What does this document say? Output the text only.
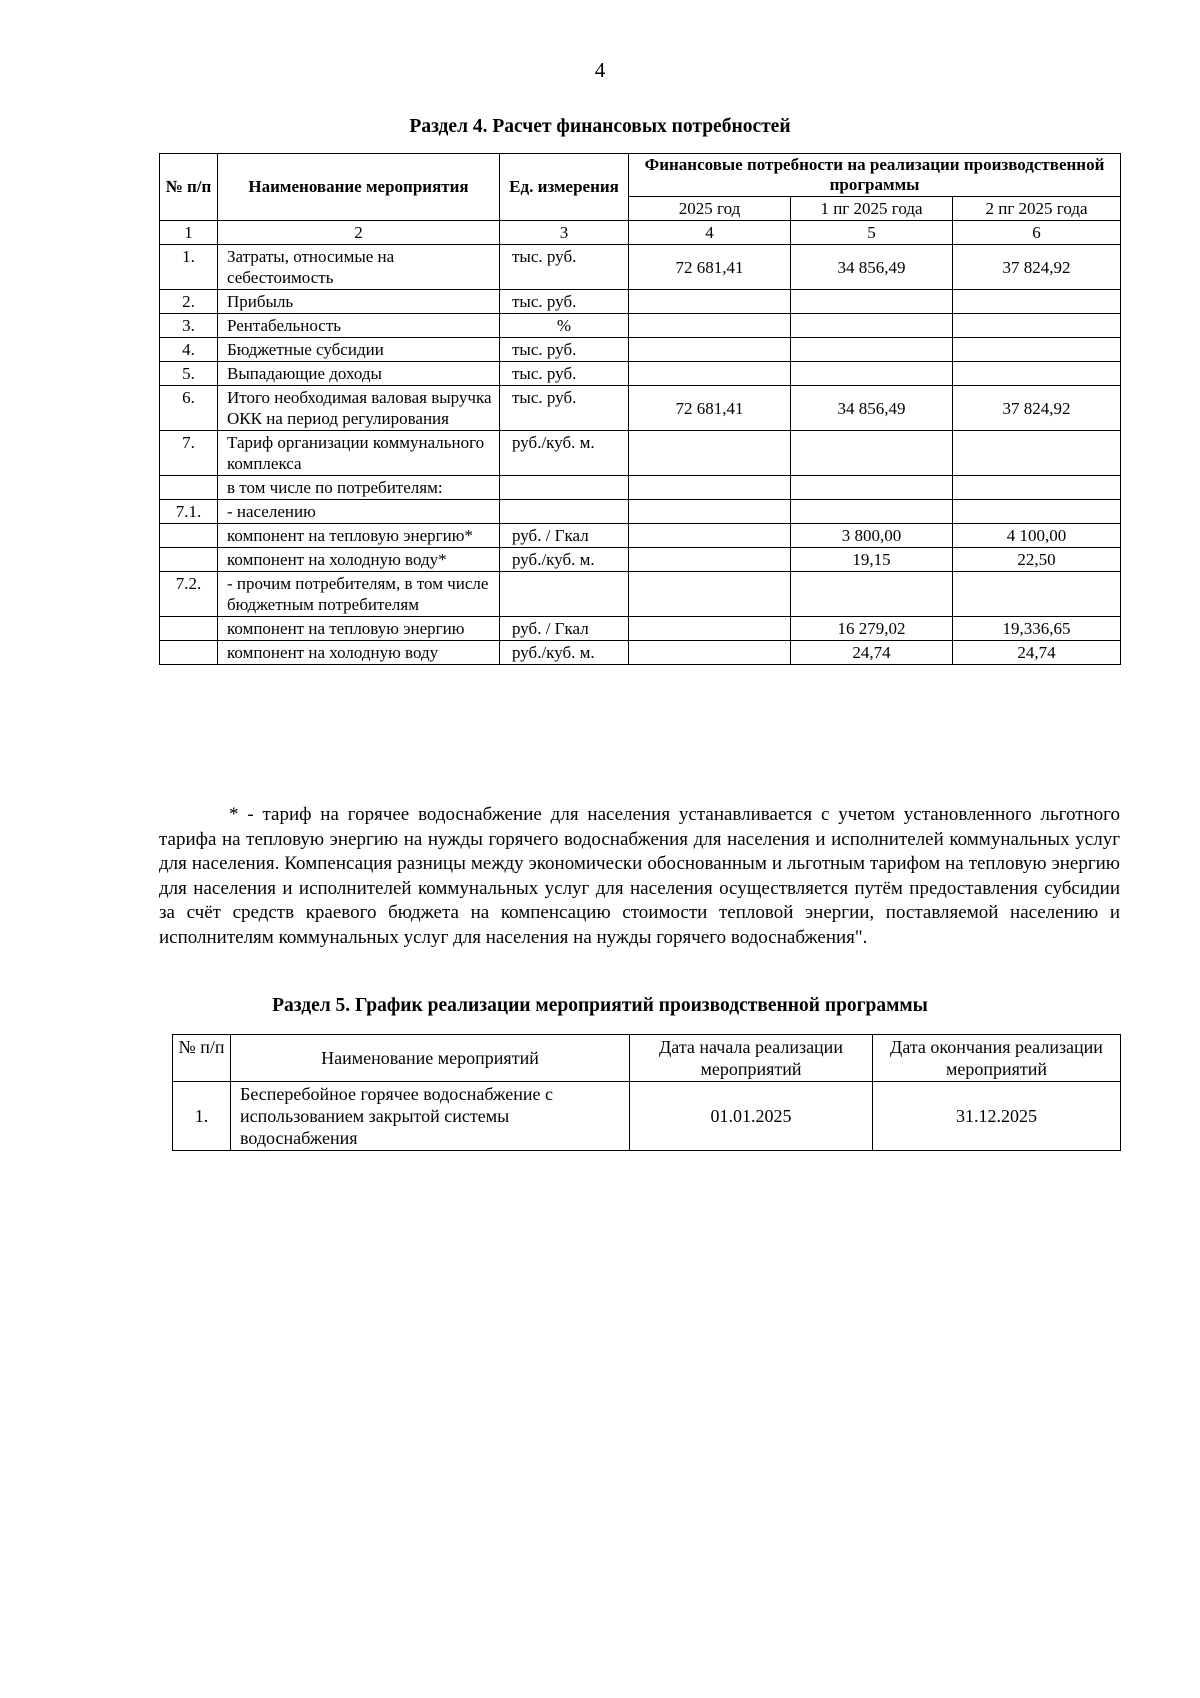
4
Раздел 4. Расчет финансовых потребностей
№ п/п	Наименование мероприятия	Ед. измерения	Финансовые потребности на реализации производственной программы		
			2025 год	1 пг 2025 года	2 пг 2025 года
1	2	3	4	5	6
1.	Затраты, относимые на себестоимость	тыс. руб.	72 681,41	34 856,49	37 824,92
2.	Прибыль	тыс. руб.			
3.	Рентабельность	%			
4.	Бюджетные субсидии	тыс. руб.			
5.	Выпадающие доходы	тыс. руб.			
6.	Итого необходимая валовая выручка ОКК на период регулирования	тыс. руб.	72 681,41	34 856,49	37 824,92
7.	Тариф организации коммунального комплекса	руб./куб. м.			
	в том числе по потребителям:				
7.1.	- населению				
	компонент на тепловую энергию*	руб. / Гкал		3 800,00	4 100,00
	компонент на холодную воду*	руб./куб. м.		19,15	22,50
7.2.	- прочим потребителям, в том числе бюджетным потребителям				
	компонент на тепловую энергию	руб. / Гкал		16 279,02	19,336,65
	компонент на холодную воду	руб./куб. м.		24,74	24,74
* - тариф на горячее водоснабжение для населения устанавливается с учетом установленного льготного тарифа на тепловую энергию на нужды горячего водоснабжения для населения и исполнителей коммунальных услуг для населения. Компенсация разницы между экономически обоснованным и льготным тарифом на тепловую энергию для населения и исполнителей коммунальных услуг для населения осуществляется путём предоставления субсидии за счёт средств краевого бюджета на компенсацию стоимости тепловой энергии, поставляемой населению и исполнителям коммунальных услуг для населения на нужды горячего водоснабжения".
Раздел 5. График реализации мероприятий производственной программы
№ п/п	Наименование мероприятий	Дата начала реализации мероприятий	Дата окончания реализации мероприятий
1.	Бесперебойное горячее водоснабжение с использованием закрытой системы водоснабжения	01.01.2025	31.12.2025
